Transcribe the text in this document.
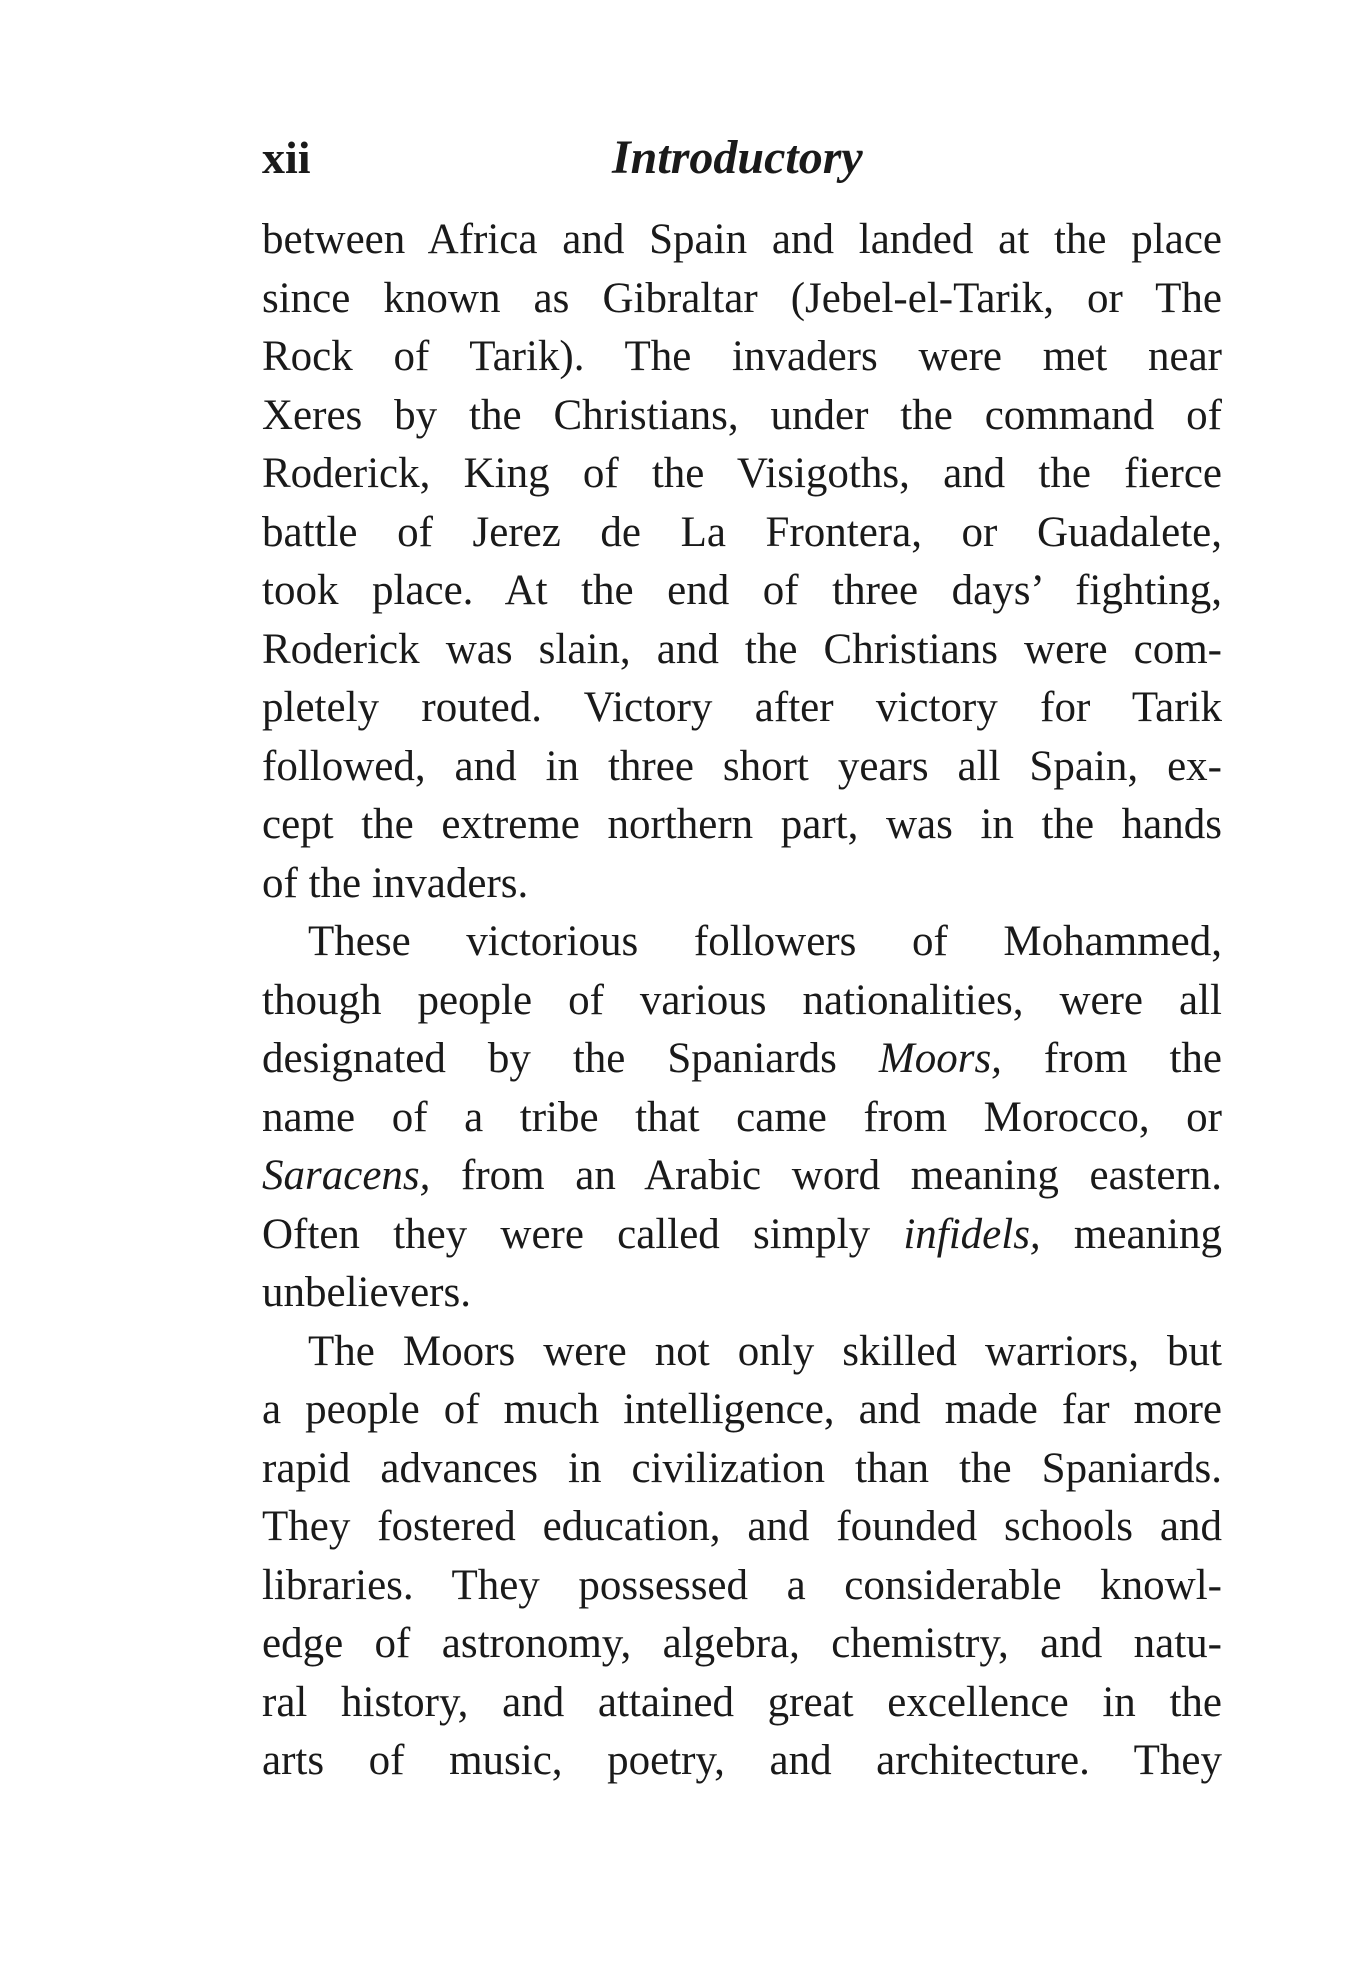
xii	Introductory
between Africa and Spain and landed at the place
since known as Gibraltar (Jebel-el-Tarik, or The
Rock of Tarik). The invaders were met near
Xeres by the Christians, under the command of
Roderick, King of the Visigoths, and the fierce
battle of Jerez de La Frontera, or Guadalete,
took place. At the end of three days’ fighting,
Roderick was slain, and the Christians were com-
pletely routed. Victory after victory for Tarik
followed, and in three short years all Spain, ex-
cept the extreme northern part, was in the hands
of the invaders.
These victorious followers of Mohammed,
though people of various nationalities, were all
designated by the Spaniards Moors, from the
name of a tribe that came from Morocco, or
Saracens, from an Arabic word meaning eastern.
Often they were called simply infidels, meaning
unbelievers.
The Moors were not only skilled warriors, but
a people of much intelligence, and made far more
rapid advances in civilization than the Spaniards.
They fostered education, and founded schools and
libraries. They possessed a considerable knowl-
edge of astronomy, algebra, chemistry, and natu-
ral history, and attained great excellence in the
arts of music, poetry, and architecture. They
